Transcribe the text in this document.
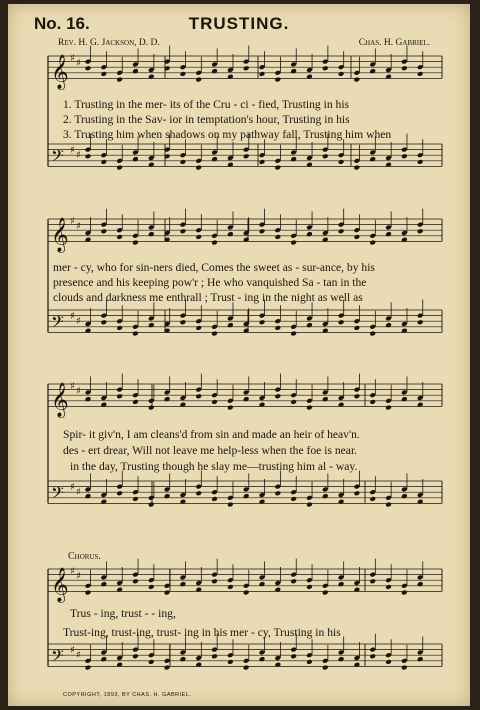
No. 16.	TRUSTING.
Rev. H. G. Jackson, D. D.	Chas. H. Gabriel.
𝄞 ♯ ♯
𝄢 ♯ ♯
𝄞 ♯ ♯
𝄢 ♯ ♯
𝄞 ♯ ♯
𝄢 ♯ ♯
𝄞 ♯ ♯
𝄢 ♯ ♯
1. Trusting in the mer- its of the Cru - ci - fied, Trusting in his
2. Trusting in the Sav- ior in temptation's hour, Trusting in his
3. Trusting him when shadows on my pathway fall, Trusting him when
mer - cy, who for sin-ners died, Comes the sweet as - sur-ance, by his
presence and his keeping pow'r ; He who vanquished Sa - tan in the
clouds and darkness me enthrall ; Trust - ing in the night as well as
Spir- it giv'n, I am cleans'd from sin and made an heir of heav'n.
des - ert drear, Will not leave me help-less when the foe is near.
in the day, Trusting though he slay me—trusting him al - way.
Chorus.
Trus - ing, trust - - ing,
Trust-ing, trust-ing, trust- ing in his mer - cy, Trusting in his
COPYRIGHT, 1893, BY CHAS. H. GABRIEL.
